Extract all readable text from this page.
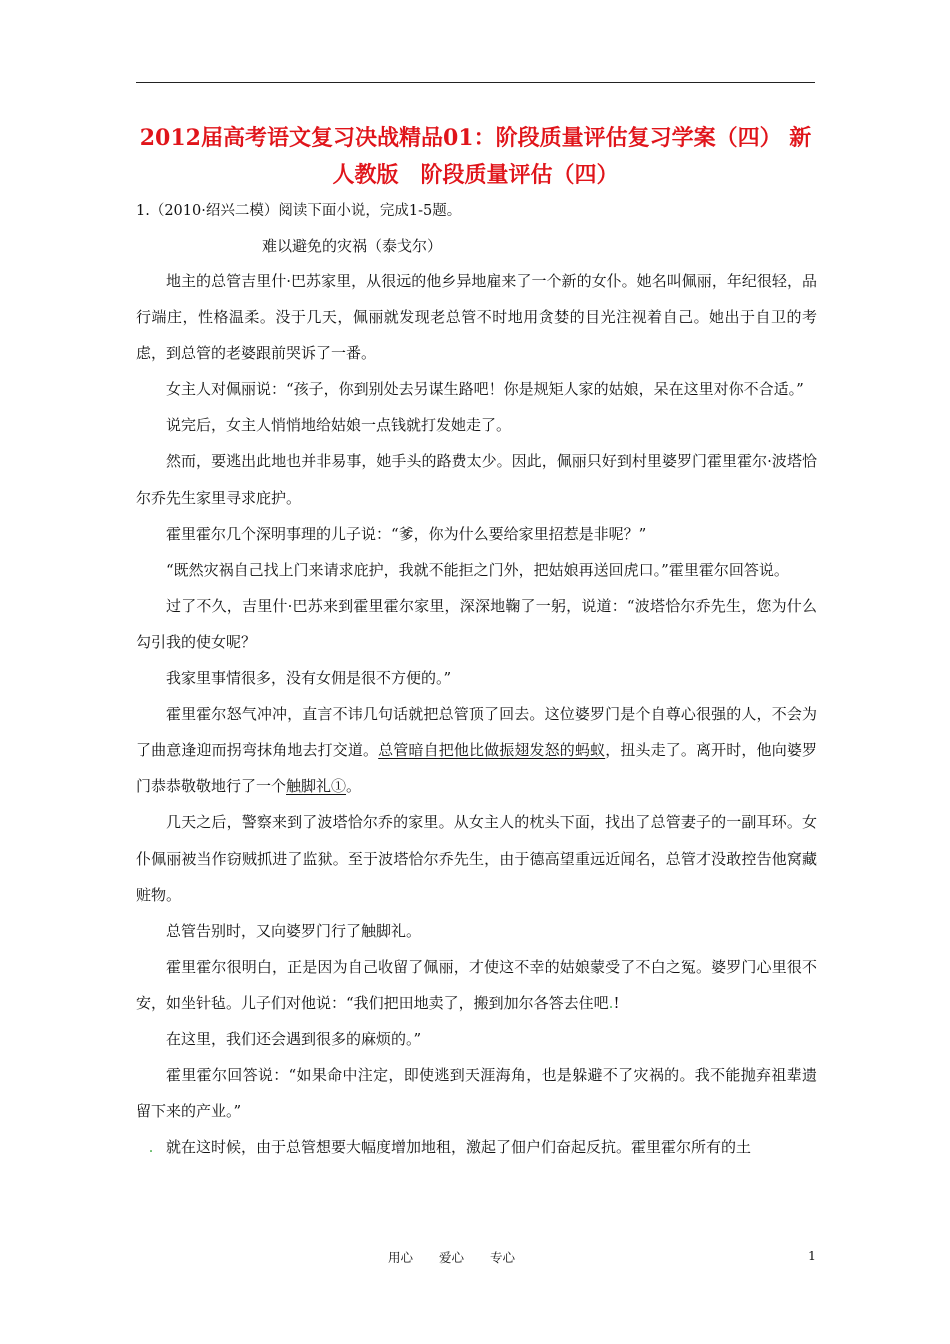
2012届高考语文复习决战精品01：阶段质量评估复习学案（四） 新人教版　阶段质量评估（四）
1.（2010·绍兴二模）阅读下面小说，完成1-5题。
难以避免的灾祸（泰戈尔）

地主的总管吉里什·巴苏家里，从很远的他乡异地雇来了一个新的女仆。她名叫佩丽，年纪很轻，品行端庄，性格温柔。没于几天，佩丽就发现老总管不时地用贪婪的目光注视着自己。她出于自卫的考虑，到总管的老婆跟前哭诉了一番。

女主人对佩丽说：“孩子，你到别处去另谋生路吧！你是规矩人家的姑娘，呆在这里对你不合适。”

说完后，女主人悄悄地给姑娘一点钱就打发她走了。

然而，要逃出此地也并非易事，她手头的路费太少。因此，佩丽只好到村里婆罗门霍里霍尔·波塔恰尔乔先生家里寻求庇护。

霍里霍尔几个深明事理的儿子说：“爹，你为什么要给家里招惹是非呢？”

“既然灾祸自己找上门来请求庇护，我就不能拒之门外，把姑娘再送回虎口。”霍里霍尔回答说。

过了不久，吉里什·巴苏来到霍里霍尔家里，深深地鞠了一躬，说道：“波塔恰尔乔先生，您为什么勾引我的使女呢？

我家里事情很多，没有女佣是很不方便的。”

霍里霍尔怒气冲冲，直言不讳几句话就把总管顶了回去。这位婆罗门是个自尊心很强的人，不会为了曲意逢迎而拐弯抹角地去打交道。总管暗自把他比做振翅发怒的蚂蚁，扭头走了。离开时，他向婆罗门恭恭敬敬地行了一个触脚礼①。

几天之后，警察来到了波塔恰尔乔的家里。从女主人的枕头下面，找出了总管妻子的一副耳环。女仆佩丽被当作窃贼抓进了监狱。至于波塔恰尔乔先生，由于德高望重远近闻名，总管才没敢控告他窝藏赃物。

总管告别时，又向婆罗门行了触脚礼。

霍里霍尔很明白，正是因为自己收留了佩丽，才使这不幸的姑娘蒙受了不白之冤。婆罗门心里很不安，如坐针毡。儿子们对他说：“我们把田地卖了，搬到加尔各答去住吧.!

在这里，我们还会遇到很多的麻烦的。”

霍里霍尔回答说：“如果命中注定，即使逃到天涯海角，也是躲避不了灾祸的。我不能抛弃祖辈遗留下来的产业。”

. 就在这时候，由于总管想要大幅度增加地租，激起了佃户们奋起反抗。霍里霍尔所有的土

用心 爱心 专心	1
